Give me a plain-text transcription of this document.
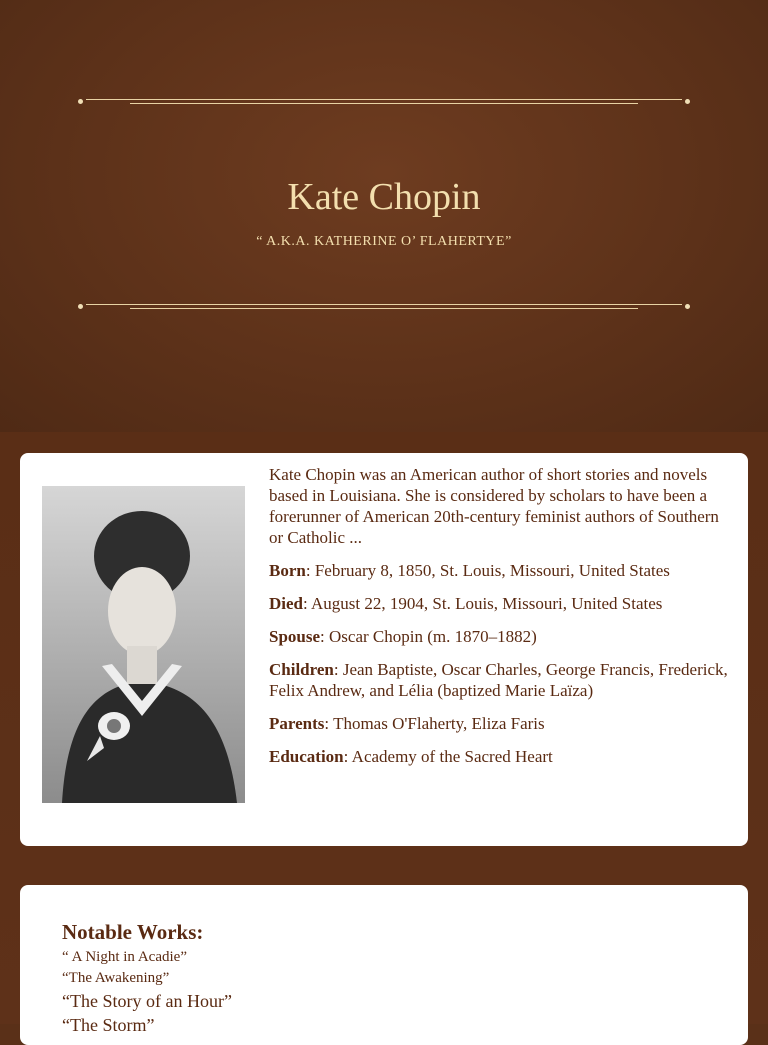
Kate Chopin
“ A.K.A. KATHERINE O’ FLAHERTYE”

Kate Chopin was an American author of short stories and novels based in Louisiana. She is considered by scholars to have been a forerunner of American 20th-century feminist authors of Southern or Catholic ...

Born: February 8, 1850, St. Louis, Missouri, United States

Died: August 22, 1904, St. Louis, Missouri, United States

Spouse: Oscar Chopin (m. 1870–1882)

Children: Jean Baptiste, Oscar Charles, George Francis, Frederick, Felix Andrew, and Lélia (baptized Marie Laïza)

Parents: Thomas O'Flaherty, Eliza Faris

Education: Academy of the Sacred Heart

Notable Works:
“ A Night in Acadie”
“The Awakening”
“The Story of an Hour”
“The Storm”
